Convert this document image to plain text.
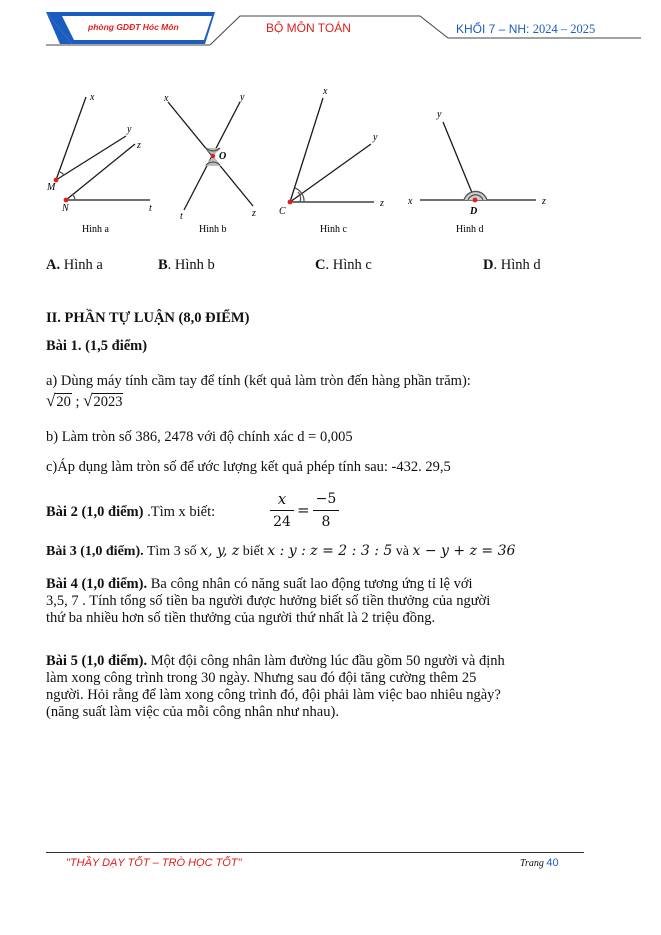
phòng GDĐT Hóc Môn	BỘ MÔN TOÁN	KHỐI 7 – NH: 2024 – 2025
x
y
z
M
N	t
Hình a
x	y
O
t	z
Hình b
x
y
z
C
Hình c
y
x
D
z
Hình d
A. Hình a	B. Hình b	C. Hình c	D. Hình d
II. PHẦN TỰ LUẬN (8,0 ĐIỂM)
Bài 1. (1,5 điểm)
a) Dùng máy tính cầm tay để tính (kết quả làm tròn đến hàng phần trăm):
√20 ; √2023
b) Làm tròn số 386, 2478 với độ chính xác d = 0,005
c)Áp dụng làm tròn số để ước lượng kết quả phép tính sau: -432. 29,5
Bài 2 (1,0 điểm) .Tìm x biết:
x
24
=
−5
8
Bài 3 (1,0 điểm). Tìm 3 số x, y, z biết x : y : z = 2 : 3 : 5 và x − y + z = 36
Bài 4 (1,0 điểm). Ba công nhân có năng suất lao động tương ứng tỉ lệ với
3,5, 7 . Tính tổng số tiền ba người được hưởng biết số tiền thưởng của người
thứ ba nhiều hơn số tiền thưởng của người thứ nhất là 2 triệu đồng.
Bài 5 (1,0 điểm). Một đội công nhân làm đường lúc đầu gồm 50 người và định
làm xong công trình trong 30 ngày. Nhưng sau đó đội tăng cường thêm 25
người. Hỏi rằng để làm xong công trình đó, đội phải làm việc bao nhiêu ngày?
(năng suất làm việc của mỗi công nhân như nhau).
"THẦY DẠY TỐT – TRÒ HỌC TỐT"	Trang 40
